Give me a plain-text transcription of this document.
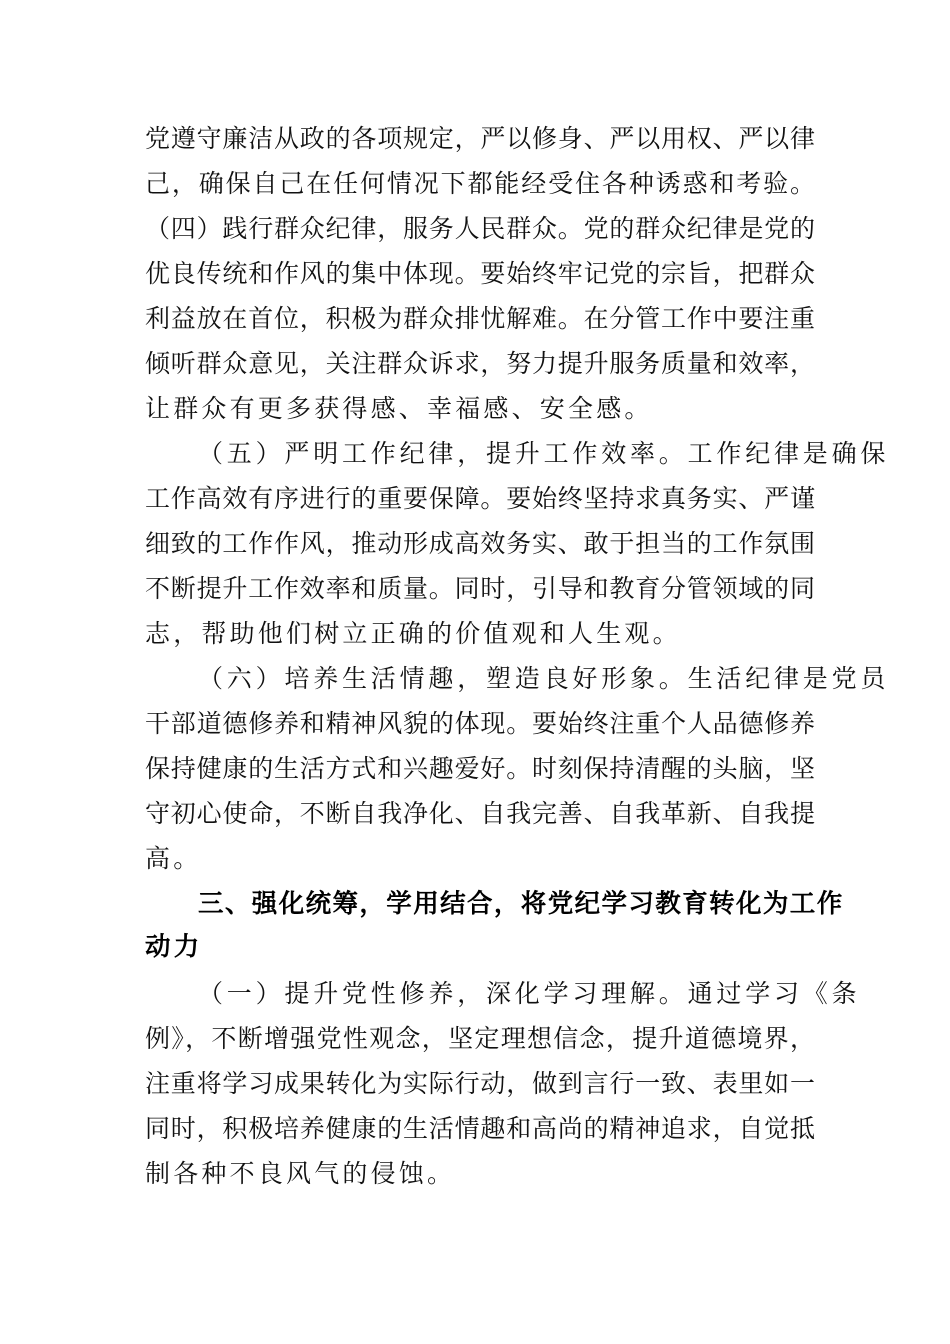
党遵守廉洁从政的各项规定，严以修身、严以用权、严以律
己，确保自己在任何情况下都能经受住各种诱惑和考验。
（四）践行群众纪律，服务人民群众。党的群众纪律是党的
优良传统和作风的集中体现。要始终牢记党的宗旨，把群众
利益放在首位，积极为群众排忧解难。在分管工作中要注重
倾听群众意见，关注群众诉求，努力提升服务质量和效率，
让群众有更多获得感、幸福感、安全感。
（五）严明工作纪律，提升工作效率。工作纪律是确保
工作高效有序进行的重要保障。要始终坚持求真务实、严谨
细致的工作作风，推动形成高效务实、敢于担当的工作氛围
不断提升工作效率和质量。同时，引导和教育分管领域的同
志，帮助他们树立正确的价值观和人生观。
（六）培养生活情趣，塑造良好形象。生活纪律是党员
干部道德修养和精神风貌的体现。要始终注重个人品德修养
保持健康的生活方式和兴趣爱好。时刻保持清醒的头脑，坚
守初心使命，不断自我净化、自我完善、自我革新、自我提
高。
三、强化统筹，学用结合，将党纪学习教育转化为工作
动力
（一）提升党性修养，深化学习理解。通过学习《条
例》，不断增强党性观念，坚定理想信念，提升道德境界，
注重将学习成果转化为实际行动，做到言行一致、表里如一
同时，积极培养健康的生活情趣和高尚的精神追求，自觉抵
制各种不良风气的侵蚀。
